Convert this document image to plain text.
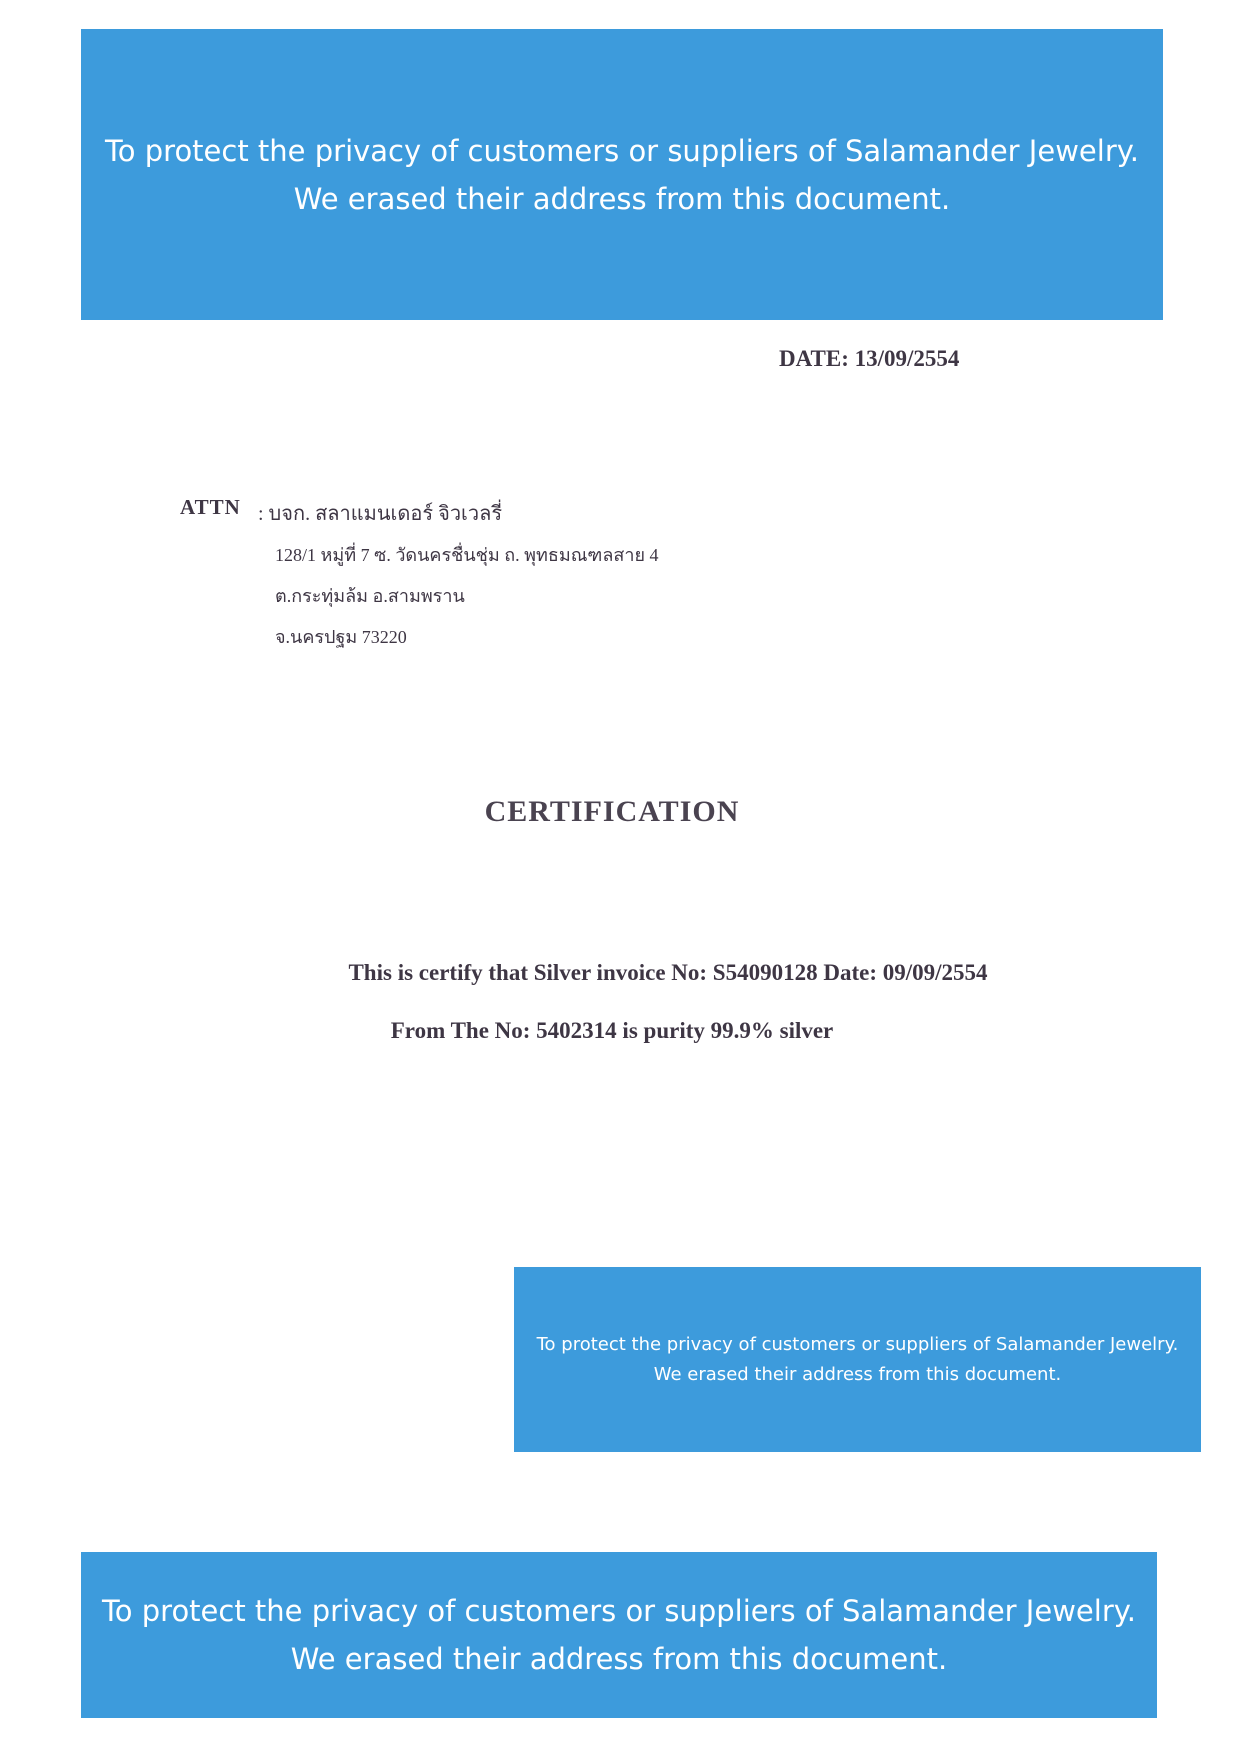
To protect the privacy of customers or suppliers of Salamander Jewelry.
We erased their address from this document.
DATE: 13/09/2554
ATTN : บจก. สลาแมนเดอร์ จิวเวลรี่
128/1 หมู่ที่ 7 ซ. วัดนครชื่นชุ่ม ถ. พุทธมณฑลสาย 4
ต.กระทุ่มล้ม อ.สามพราน
จ.นครปฐม 73220
CERTIFICATION
This is certify that Silver invoice No: S54090128 Date: 09/09/2554
From The No: 5402314 is purity 99.9% silver
To protect the privacy of customers or suppliers of Salamander Jewelry.
We erased their address from this document.
To protect the privacy of customers or suppliers of Salamander Jewelry.
We erased their address from this document.
